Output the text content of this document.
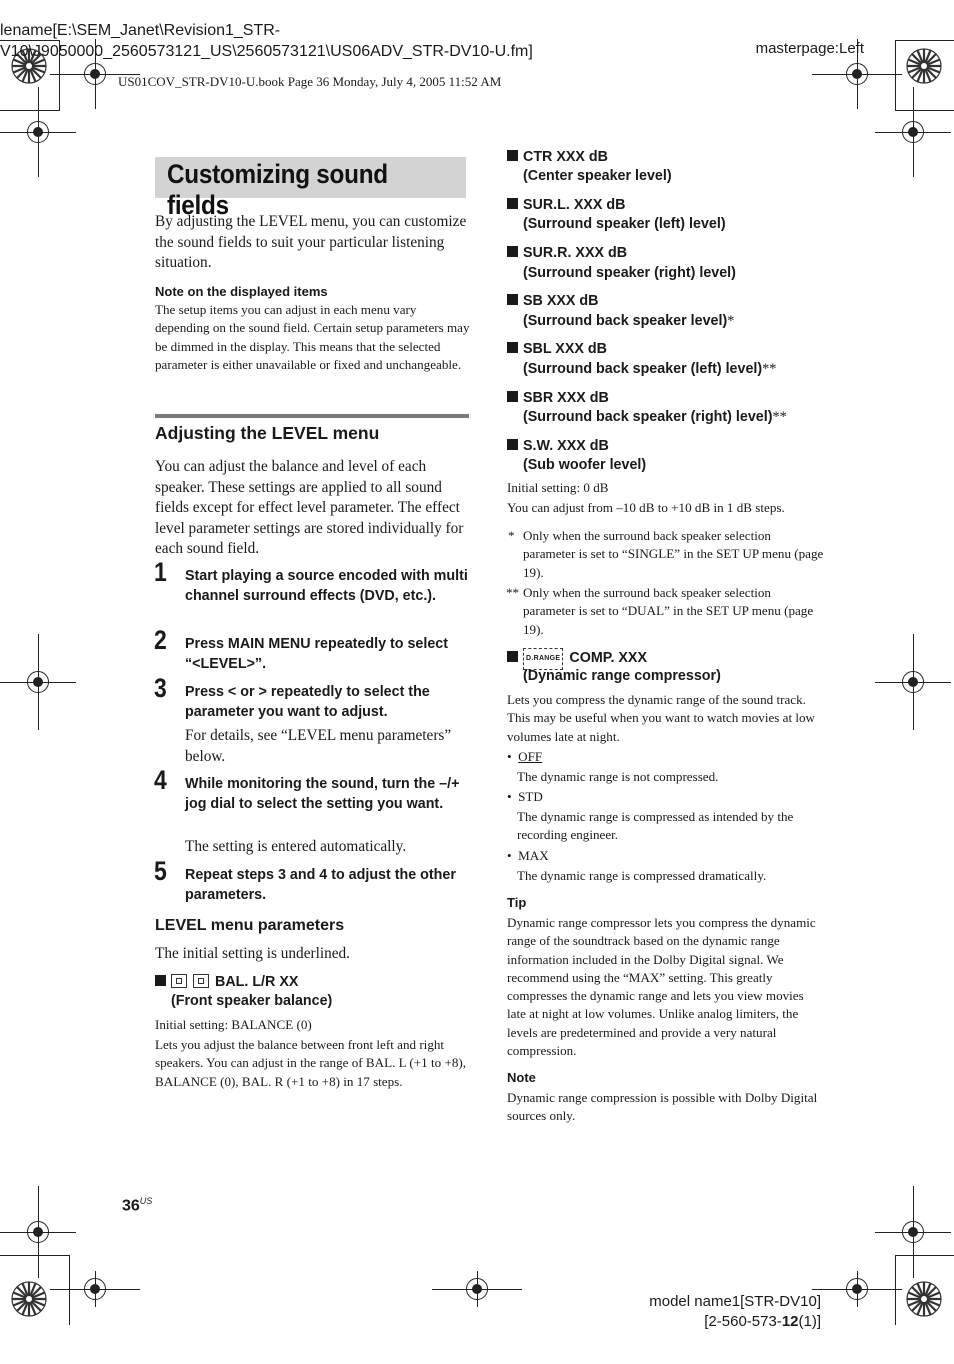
lename[E:\SEM_Janet\Revision1_STR-
V10\J9050000_2560573121_US\2560573121\US06ADV_STR-DV10-U.fm]	masterpage:Left
US01COV_STR-DV10-U.book Page 36 Monday, July 4, 2005 11:52 AM
Customizing sound fields
By adjusting the LEVEL menu, you can customize the sound fields to suit your particular listening situation.
Note on the displayed items
The setup items you can adjust in each menu vary depending on the sound field. Certain setup parameters may be dimmed in the display. This means that the selected parameter is either unavailable or fixed and unchangeable.
Adjusting the LEVEL menu
You can adjust the balance and level of each speaker. These settings are applied to all sound fields except for effect level parameter. The effect level parameter settings are stored individually for each sound field.
1 Start playing a source encoded with multi channel surround effects (DVD, etc.).
2 Press MAIN MENU repeatedly to select “<LEVEL>”.
3 Press < or > repeatedly to select the parameter you want to adjust.
For details, see “LEVEL menu parameters” below.
4 While monitoring the sound, turn the –/+ jog dial to select the setting you want.
The setting is entered automatically.
5 Repeat steps 3 and 4 to adjust the other parameters.
LEVEL menu parameters
The initial setting is underlined.
BAL. L/R XX
(Front speaker balance)
Initial setting: BALANCE (0)
Lets you adjust the balance between front left and right speakers. You can adjust in the range of BAL. L (+1 to +8), BALANCE (0), BAL. R (+1 to +8) in 17 steps.
CTR XXX dB
(Center speaker level)
SUR.L. XXX dB
(Surround speaker (left) level)
SUR.R. XXX dB
(Surround speaker (right) level)
SB XXX dB
(Surround back speaker level)*
SBL XXX dB
(Surround back speaker (left) level)**
SBR XXX dB
(Surround back speaker (right) level)**
S.W. XXX dB
(Sub woofer level)
Initial setting: 0 dB
You can adjust from –10 dB to +10 dB in 1 dB steps.
* Only when the surround back speaker selection parameter is set to “SINGLE” in the SET UP menu (page 19).
** Only when the surround back speaker selection parameter is set to “DUAL” in the SET UP menu (page 19).
D.RANGE COMP. XXX
(Dynamic range compressor)
Lets you compress the dynamic range of the sound track. This may be useful when you want to watch movies at low volumes late at night.
•  OFF
The dynamic range is not compressed.
•  STD
The dynamic range is compressed as intended by the recording engineer.
•  MAX
The dynamic range is compressed dramatically.
Tip
Dynamic range compressor lets you compress the dynamic range of the soundtrack based on the dynamic range information included in the Dolby Digital signal. We recommend using the “MAX” setting. This greatly compresses the dynamic range and lets you view movies late at night at low volumes. Unlike analog limiters, the levels are predetermined and provide a very natural compression.
Note
Dynamic range compression is possible with Dolby Digital sources only.
$36^{US}$
model name1[STR-DV10]
[2-560-573-12(1)]
